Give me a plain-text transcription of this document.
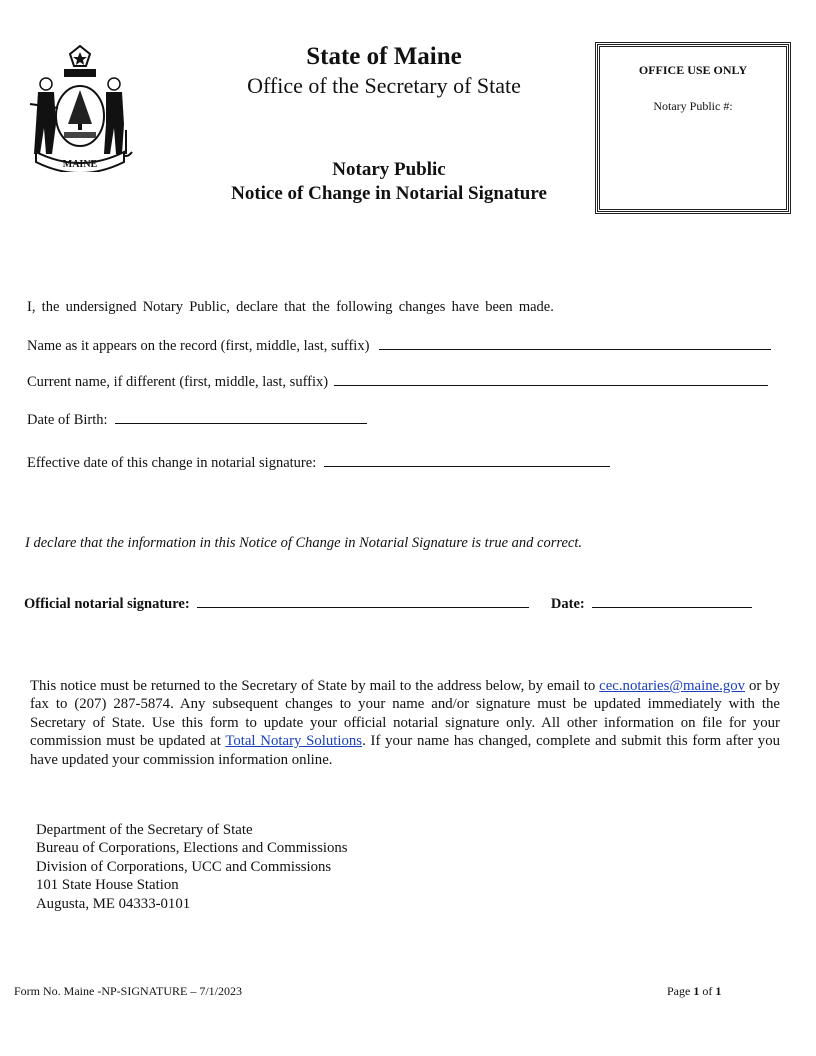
MAINE
State of Maine
Office of the Secretary of State
Notary Public
Notice of Change in Notarial Signature
OFFICE USE ONLY
Notary Public #:
I, the undersigned Notary Public, declare that the following changes have been made.
Name as it appears on the record (first, middle, last, suffix)
Current name, if different (first, middle, last, suffix)
Date of Birth:
Effective date of this change in notarial signature:
I declare that the information in this Notice of Change in Notarial Signature is true and correct.
Official notarial signature:	Date:
This notice must be returned to the Secretary of State by mail to the address below, by email to cec.notaries@maine.gov or by fax to (207) 287-5874. Any subsequent changes to your name and/or signature must be updated immediately with the Secretary of State. Use this form to update your official notarial signature only. All other information on file for your commission must be updated at Total Notary Solutions. If your name has changed, complete and submit this form after you have updated your commission information online.
Department of the Secretary of State
Bureau of Corporations, Elections and Commissions
Division of Corporations, UCC and Commissions
101 State House Station
Augusta, ME 04333-0101
Form No. Maine -NP-SIGNATURE – 7/1/2023	Page 1 of 1
